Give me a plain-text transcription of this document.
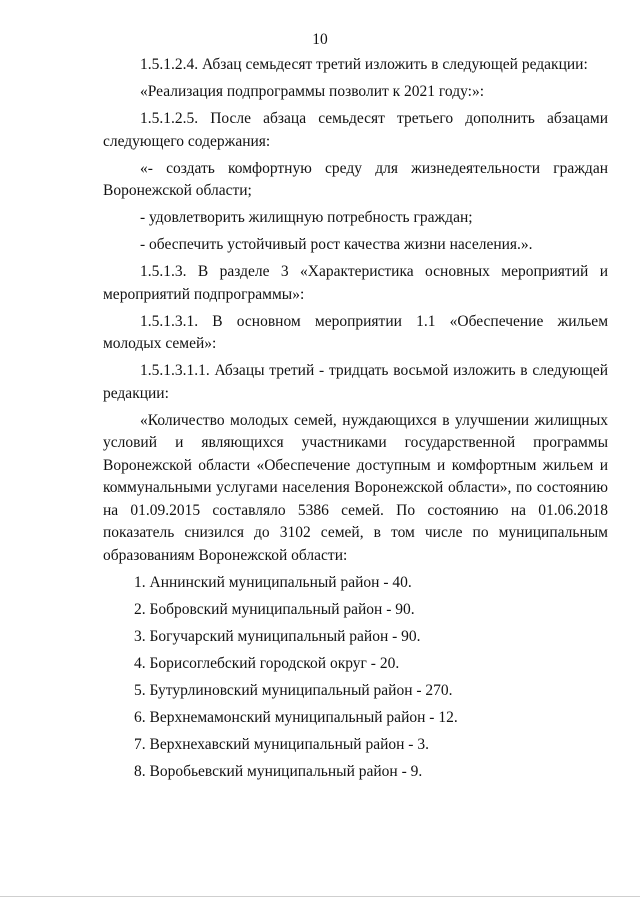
10

1.5.1.2.4. Абзац семьдесят третий изложить в следующей редакции:

«Реализация подпрограммы позволит к 2021 году:»:

1.5.1.2.5. После абзаца семьдесят третьего дополнить абзацами следующего содержания:

«- создать комфортную среду для жизнедеятельности граждан Воронежской области;

- удовлетворить жилищную потребность граждан;

- обеспечить устойчивый рост качества жизни населения.».

1.5.1.3. В разделе 3 «Характеристика основных мероприятий и мероприятий подпрограммы»:

1.5.1.3.1. В основном мероприятии 1.1 «Обеспечение жильем молодых семей»:

1.5.1.3.1.1. Абзацы третий - тридцать восьмой изложить в следующей редакции:

«Количество молодых семей, нуждающихся в улучшении жилищных условий и являющихся участниками государственной программы Воронежской области «Обеспечение доступным и комфортным жильем и коммунальными услугами населения Воронежской области», по состоянию на 01.09.2015 составляло 5386 семей. По состоянию на 01.06.2018 показатель снизился до 3102 семей, в том числе по муниципальным образованиям Воронежской области:

1. Аннинский муниципальный район - 40.

2. Бобровский муниципальный район - 90.

3. Богучарский муниципальный район - 90.

4. Борисоглебский городской округ - 20.

5. Бутурлиновский муниципальный район - 270.

6. Верхнемамонский муниципальный район - 12.

7. Верхнехавский муниципальный район - 3.

8. Воробьевский муниципальный район - 9.
